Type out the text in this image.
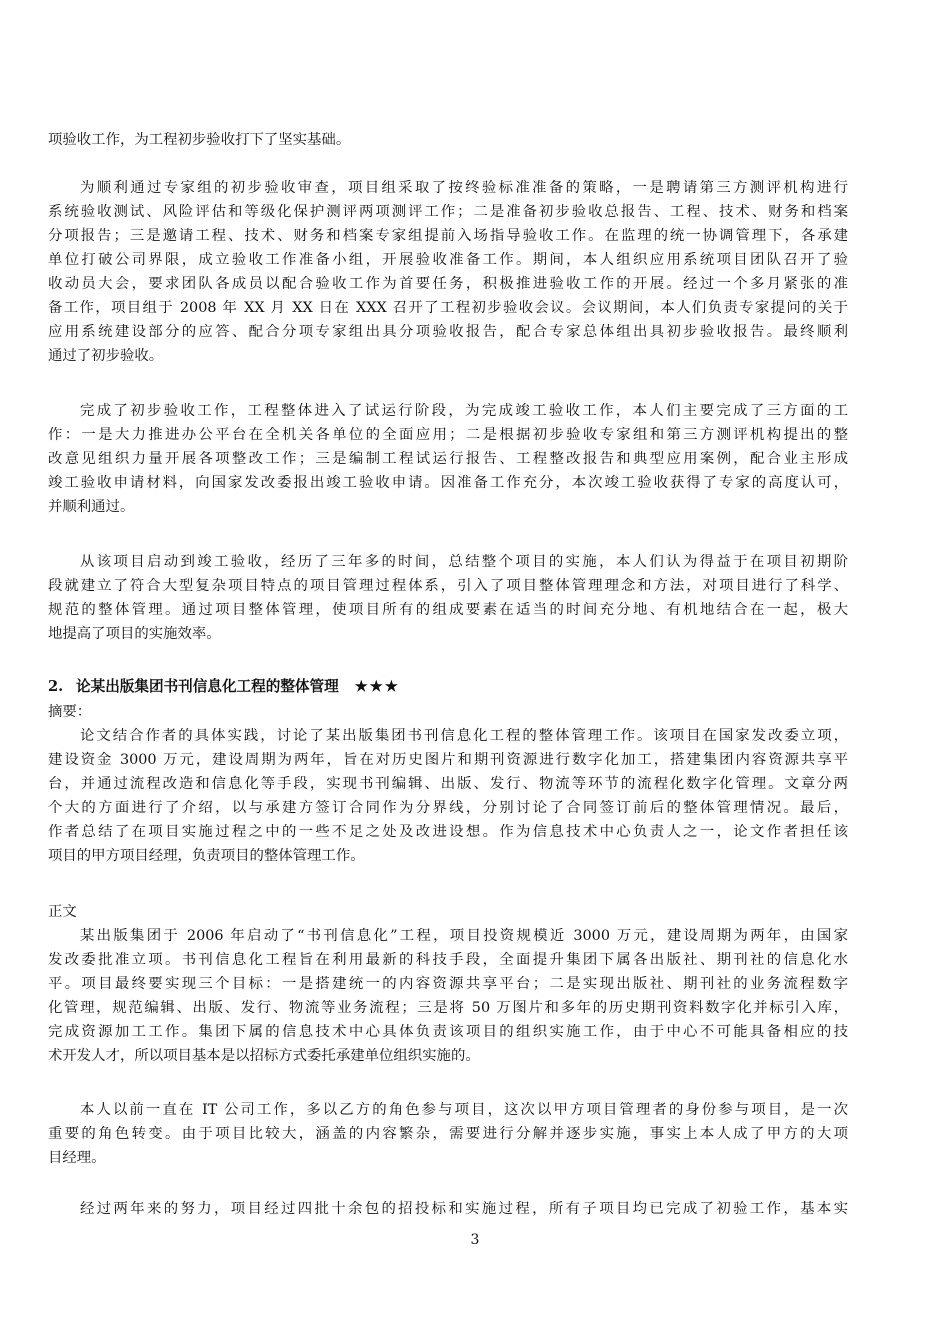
项验收工作，为工程初步验收打下了坚实基础。
为顺利通过专家组的初步验收审查，项目组采取了按终验标准准备的策略，一是聘请第三方测评机构进行
系统验收测试、风险评估和等级化保护测评两项测评工作；二是准备初步验收总报告、工程、技术、财务和档案
分项报告；三是邀请工程、技术、财务和档案专家组提前入场指导验收工作。在监理的统一协调管理下，各承建
单位打破公司界限，成立验收工作准备小组，开展验收准备工作。期间，本人组织应用系统项目团队召开了验
收动员大会，要求团队各成员以配合验收工作为首要任务，积极推进验收工作的开展。经过一个多月紧张的准
备工作，项目组于 2008 年 XX 月 XX 日在 XXX 召开了工程初步验收会议。会议期间，本人们负责专家提问的关于
应用系统建设部分的应答、配合分项专家组出具分项验收报告，配合专家总体组出具初步验收报告。最终顺利
通过了初步验收。
完成了初步验收工作，工程整体进入了试运行阶段，为完成竣工验收工作，本人们主要完成了三方面的工
作：一是大力推进办公平台在全机关各单位的全面应用；二是根据初步验收专家组和第三方测评机构提出的整
改意见组织力量开展各项整改工作；三是编制工程试运行报告、工程整改报告和典型应用案例，配合业主形成
竣工验收申请材料，向国家发改委报出竣工验收申请。因准备工作充分，本次竣工验收获得了专家的高度认可，
并顺利通过。
从该项目启动到竣工验收，经历了三年多的时间，总结整个项目的实施，本人们认为得益于在项目初期阶
段就建立了符合大型复杂项目特点的项目管理过程体系，引入了项目整体管理理念和方法，对项目进行了科学、
规范的整体管理。通过项目整体管理，使项目所有的组成要素在适当的时间充分地、有机地结合在一起，极大
地提高了项目的实施效率。
2. 论某出版集团书刊信息化工程的整体管理 ★★★
摘要：
论文结合作者的具体实践，讨论了某出版集团书刊信息化工程的整体管理工作。该项目在国家发改委立项，
建设资金 3000 万元，建设周期为两年，旨在对历史图片和期刊资源进行数字化加工，搭建集团内容资源共享平
台，并通过流程改造和信息化等手段，实现书刊编辑、出版、发行、物流等环节的流程化数字化管理。文章分两
个大的方面进行了介绍，以与承建方签订合同作为分界线，分别讨论了合同签订前后的整体管理情况。最后，
作者总结了在项目实施过程之中的一些不足之处及改进设想。作为信息技术中心负责人之一，论文作者担任该
项目的甲方项目经理，负责项目的整体管理工作。
正文
某出版集团于 2006 年启动了“书刊信息化”工程，项目投资规模近 3000 万元，建设周期为两年，由国家
发改委批准立项。书刊信息化工程旨在利用最新的科技手段，全面提升集团下属各出版社、期刊社的信息化水
平。项目最终要实现三个目标：一是搭建统一的内容资源共享平台；二是实现出版社、期刊社的业务流程数字
化管理，规范编辑、出版、发行、物流等业务流程；三是将 50 万图片和多年的历史期刊资料数字化并标引入库，
完成资源加工工作。集团下属的信息技术中心具体负责该项目的组织实施工作，由于中心不可能具备相应的技
术开发人才，所以项目基本是以招标方式委托承建单位组织实施的。
本人以前一直在 IT 公司工作，多以乙方的角色参与项目，这次以甲方项目管理者的身份参与项目，是一次
重要的角色转变。由于项目比较大，涵盖的内容繁杂，需要进行分解并逐步实施，事实上本人成了甲方的大项
目经理。
经过两年来的努力，项目经过四批十余包的招投标和实施过程，所有子项目均已完成了初验工作，基本实
3
